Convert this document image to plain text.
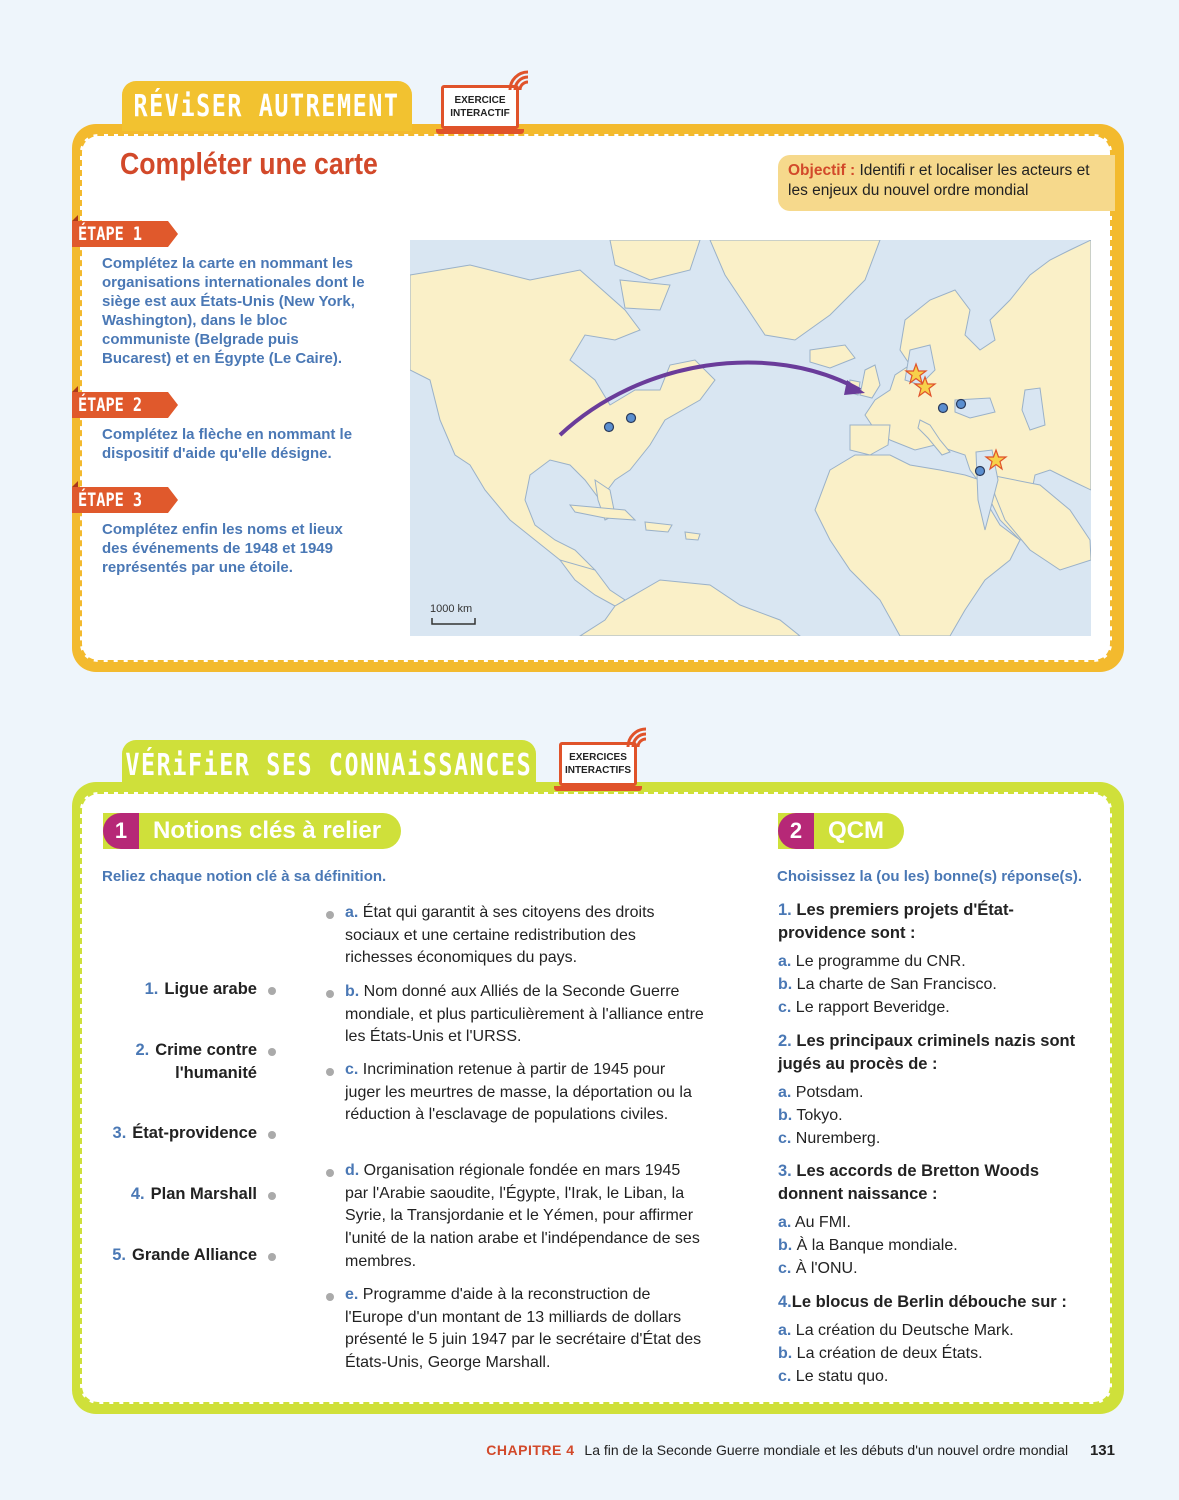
RÉViSER AUTREMENT	EXERCICE INTERACTIF
Compléter une carte	Objectif : Identifi r et localiser les acteurs et les enjeux du nouvel ordre mondial
ÉTAPE 1
Complétez la carte en nommant les organisations internationales dont le siège est aux États-Unis (New York, Washington), dans le bloc communiste (Belgrade puis Bucarest) et en Égypte (Le Caire).
ÉTAPE 2
Complétez la flèche en nommant le dispositif d'aide qu'elle désigne.
ÉTAPE 3
Complétez enfin les noms et lieux des événements de 1948 et 1949 représentés par une étoile.
1000 km
VÉRiFiER SES CONNAiSSANCES	EXERCICES INTERACTIFS
1	Notions clés à relier
Reliez chaque notion clé à sa définition.
1. Ligue arabe
2. Crime contre l'humanité
3. État-providence
4. Plan Marshall
5. Grande Alliance
a. État qui garantit à ses citoyens des droits sociaux et une certaine redistribution des richesses économiques du pays.
b. Nom donné aux Alliés de la Seconde Guerre mondiale, et plus particulièrement à l'alliance entre les États-Unis et l'URSS.
c. Incrimination retenue à partir de 1945 pour juger les meurtres de masse, la déportation ou la réduction à l'esclavage de populations civiles.
d. Organisation régionale fondée en mars 1945 par l'Arabie saoudite, l'Égypte, l'Irak, le Liban, la Syrie, la Transjordanie et le Yémen, pour affirmer l'unité de la nation arabe et l'indépendance de ses membres.
e. Programme d'aide à la reconstruction de l'Europe d'un montant de 13 milliards de dollars présenté le 5 juin 1947 par le secrétaire d'État des États-Unis, George Marshall.
2	QCM
Choisissez la (ou les) bonne(s) réponse(s).
1. Les premiers projets d'État-providence sont :
a. Le programme du CNR.
b. La charte de San Francisco.
c. Le rapport Beveridge.
2. Les principaux criminels nazis sont jugés au procès de :
a. Potsdam.
b. Tokyo.
c. Nuremberg.
3. Les accords de Bretton Woods donnent naissance :
a. Au FMI.
b. À la Banque mondiale.
c. À l'ONU.
4.Le blocus de Berlin débouche sur :
a. La création du Deutsche Mark.
b. La création de deux États.
c. Le statu quo.
CHAPITRE 4 La fin de la Seconde Guerre mondiale et les débuts d'un nouvel ordre mondial 131
